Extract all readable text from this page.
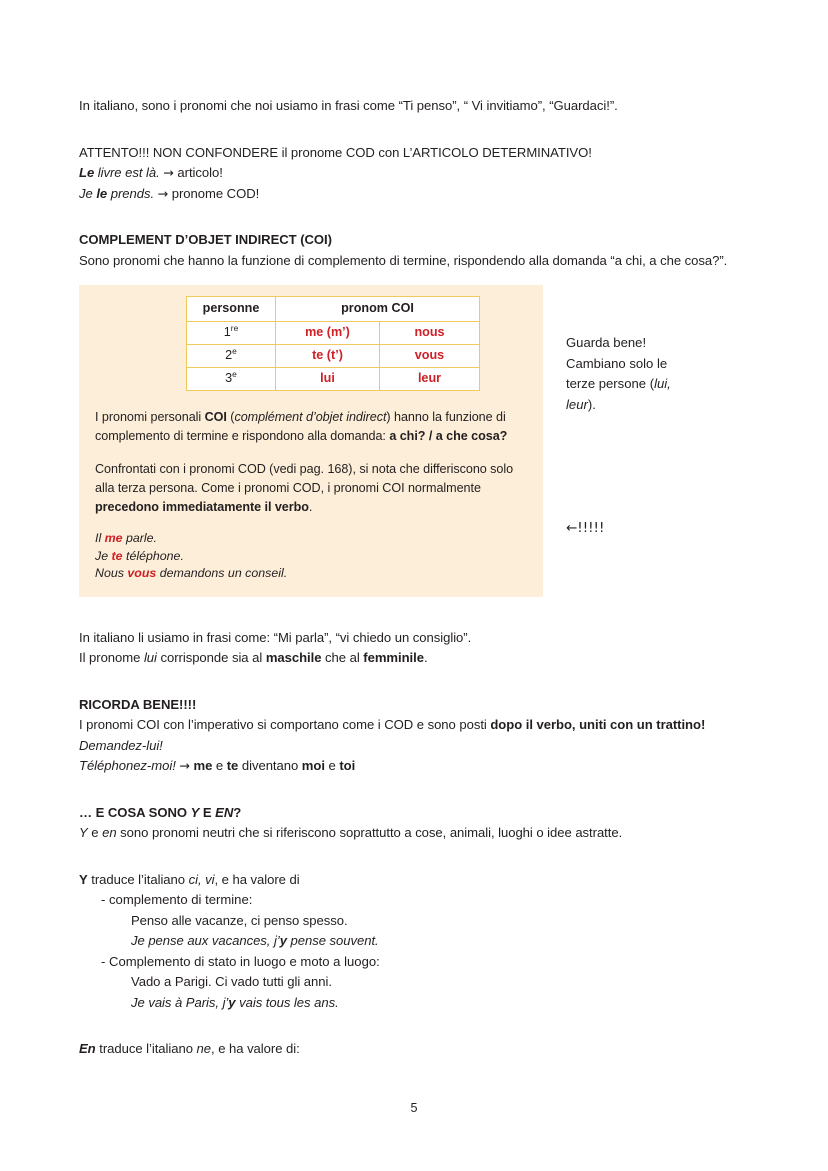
In italiano, sono i pronomi che noi usiamo in frasi come “Ti penso”, “ Vi invitiamo”, “Guardaci!”.
ATTENTO!!! NON CONFONDERE il pronome COD con L’ARTICOLO DETERMINATIVO!
Le livre est là. → articolo!
Je le prends. → pronome COD!
COMPLEMENT D’OBJET INDIRECT (COI)
Sono pronomi che hanno la funzione di complemento di termine, rispondendo alla domanda “a chi, a che cosa?”.
personne	pronom COI	
1re	me (m’)	nous
2e	te (t’)	vous
3e	lui	leur
I pronomi personali COI (complément d’objet indirect) hanno la funzione di complemento di termine e rispondono alla domanda: a chi? / a che cosa?
Confrontati con i pronomi COD (vedi pag. 168), si nota che differiscono solo alla terza persona. Come i pronomi COD, i pronomi COI normalmente precedono immediatamente il verbo.
Il me parle.
Je te téléphone.
Nous vous demandons un conseil.
In italiano li usiamo in frasi come: “Mi parla”, “vi chiedo un consiglio”.
Il pronome lui corrisponde sia al maschile che al femminile.
RICORDA BENE!!!!
I pronomi COI con l’imperativo si comportano come i COD e sono posti dopo il verbo, uniti con un trattino!
Demandez-lui!
Téléphonez-moi! → me e te diventano moi e toi
… E COSA SONO Y E EN?
Y e en sono pronomi neutri che si riferiscono soprattutto a cose, animali, luoghi o idee astratte.
Y traduce l’italiano ci, vi, e ha valore di
- complemento di termine:
Penso alle vacanze, ci penso spesso.
Je pense aux vacances, j’y pense souvent.
- Complemento di stato in luogo e moto a luogo:
Vado a Parigi. Ci vado tutti gli anni.
Je vais à Paris, j’y vais tous les ans.
En traduce l’italiano ne, e ha valore di:
Guarda bene!
Cambiano solo le
terze persone (lui,
leur).
←!!!!!
5
